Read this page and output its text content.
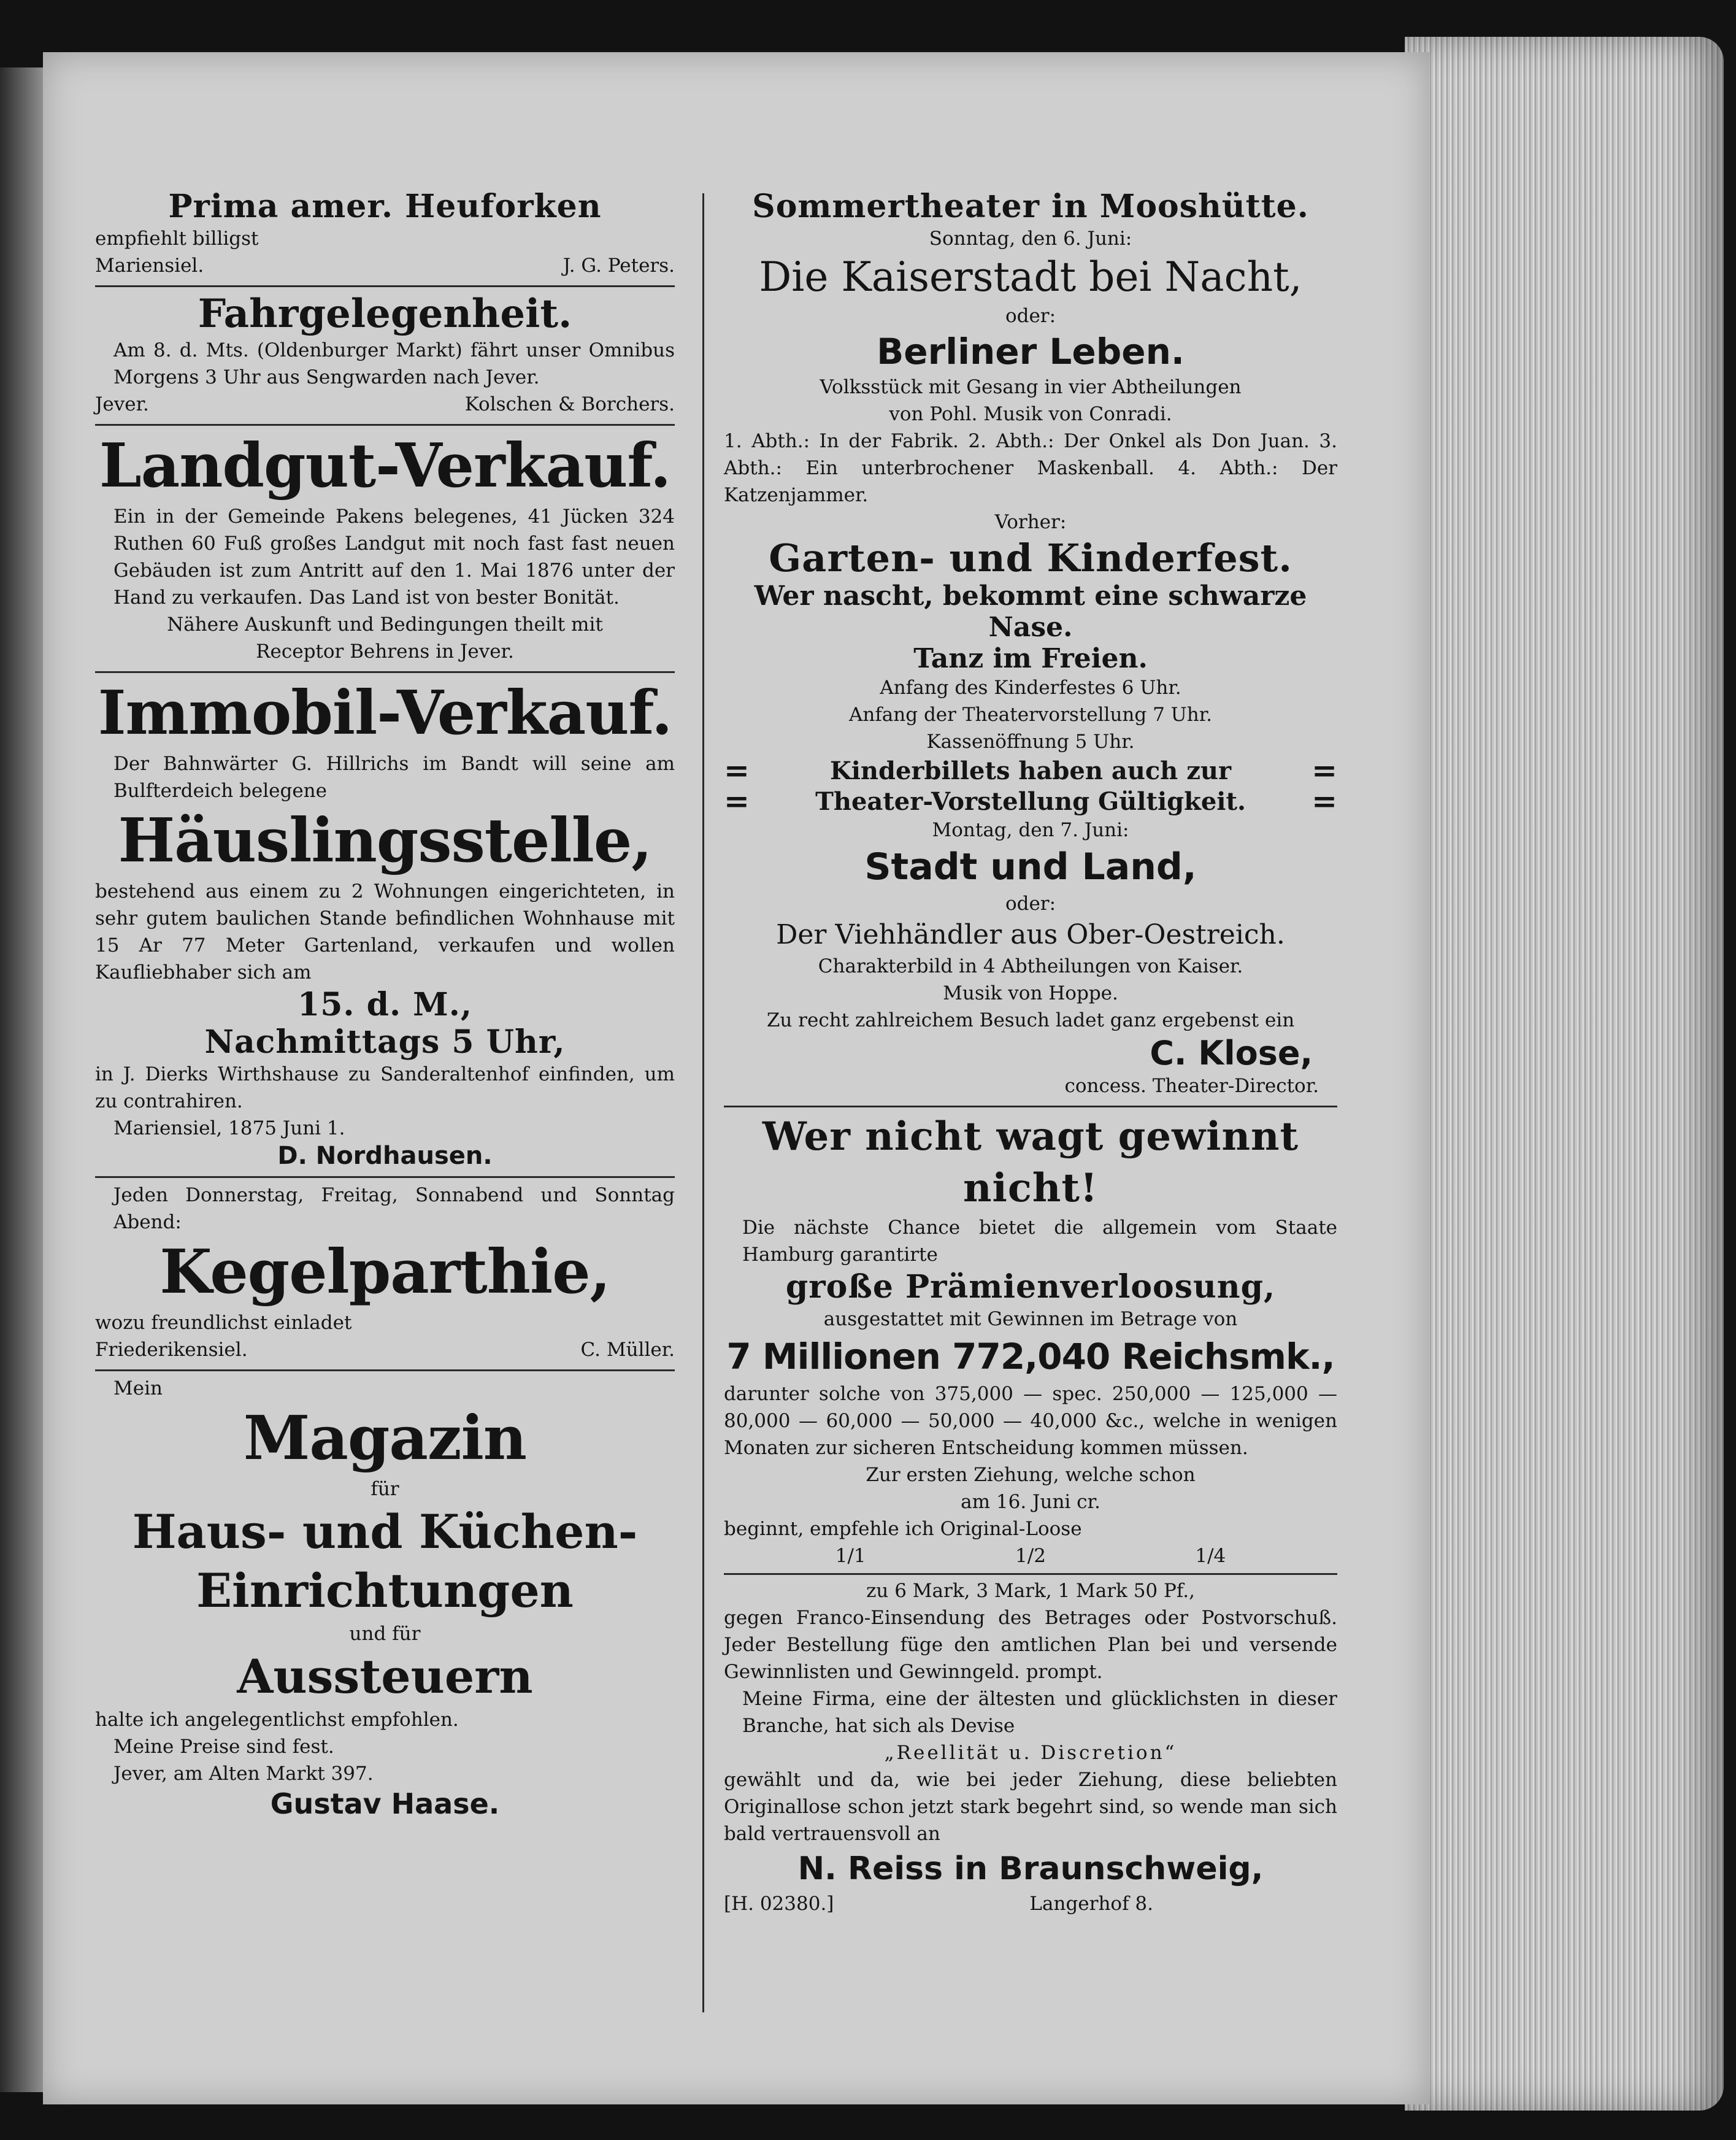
Prima amer. Heuforken
empfiehlt billigst
Mariensiel.	J. G. Peters.
Fahrgelegenheit.
Am 8. d. Mts. (Oldenburger Markt) fährt unser Omnibus Morgens 3 Uhr aus Sengwarden nach Jever.
Jever.	Kolschen & Borchers.
Landgut-Verkauf.
Ein in der Gemeinde Pakens belegenes, 41 Jücken 324 Ruthen 60 Fuß großes Landgut mit noch fast fast neuen Gebäuden ist zum Antritt auf den 1. Mai 1876 unter der Hand zu verkaufen. Das Land ist von bester Bonität.
Nähere Auskunft und Bedingungen theilt mit
Receptor Behrens in Jever.
Immobil-Verkauf.
Der Bahnwärter G. Hillrichs im Bandt will seine am Bulfterdeich belegene
Häuslingsstelle,
bestehend aus einem zu 2 Wohnungen eingerichteten, in sehr gutem baulichen Stande befindlichen Wohnhause mit 15 Ar 77 Meter Gartenland, verkaufen und wollen Kaufliebhaber sich am
15. d. M.,
Nachmittags 5 Uhr,
in J. Dierks Wirthshause zu Sanderaltenhof einfinden, um zu contrahiren.
Mariensiel, 1875 Juni 1.
D. Nordhausen.
Jeden Donnerstag, Freitag, Sonnabend und Sonntag Abend:
Kegelparthie,
wozu freundlichst einladet
Friederikensiel.	C. Müller.
Mein
Magazin
für
Haus- und Küchen-
Einrichtungen
und für
Aussteuern
halte ich angelegentlichst empfohlen.
Meine Preise sind fest.
Jever, am Alten Markt 397.
Gustav Haase.
Sommertheater in Mooshütte.
Sonntag, den 6. Juni:
Die Kaiserstadt bei Nacht,
oder:
Berliner Leben.
Volksstück mit Gesang in vier Abtheilungen
von Pohl. Musik von Conradi.
1. Abth.: In der Fabrik. 2. Abth.: Der Onkel als Don Juan. 3. Abth.: Ein unterbrochener Maskenball. 4. Abth.: Der Katzenjammer.
Vorher:
Garten- und Kinderfest.
Wer nascht, bekommt eine schwarze Nase.
Tanz im Freien.
Anfang des Kinderfestes 6 Uhr.
Anfang der Theatervorstellung 7 Uhr.
Kassenöffnung 5 Uhr.
=	Kinderbillets haben auch zur	=
=	Theater-Vorstellung Gültigkeit. =
Montag, den 7. Juni:
Stadt und Land,
oder:
Der Viehhändler aus Ober-Oestreich.
Charakterbild in 4 Abtheilungen von Kaiser.
Musik von Hoppe.
Zu recht zahlreichem Besuch ladet ganz ergebenst ein
C. Klose,
concess. Theater-Director.
Wer nicht wagt gewinnt nicht!
Die nächste Chance bietet die allgemein vom Staate Hamburg garantirte
große Prämienverloosung,
ausgestattet mit Gewinnen im Betrage von
7 Millionen 772,040 Reichsmk.,
darunter solche von 375,000 — spec. 250,000 — 125,000 — 80,000 — 60,000 — 50,000 — 40,000 &c., welche in wenigen Monaten zur sicheren Entscheidung kommen müssen.
Zur ersten Ziehung, welche schon
am 16. Juni cr.
beginnt, empfehle ich Original-Loose
1/1	1/2	1/4
zu 6 Mark, 3 Mark, 1 Mark 50 Pf.,
gegen Franco-Einsendung des Betrages oder Postvorschuß. Jeder Bestellung füge den amtlichen Plan bei und versende Gewinnlisten und Gewinngeld. prompt.
Meine Firma, eine der ältesten und glücklichsten in dieser Branche, hat sich als Devise
„Reellität u. Discretion“
gewählt und da, wie bei jeder Ziehung, diese beliebten Originallose schon jetzt stark begehrt sind, so wende man sich bald vertrauensvoll an
N. Reiss in Braunschweig,
[H. 02380.]	Langerhof 8.
